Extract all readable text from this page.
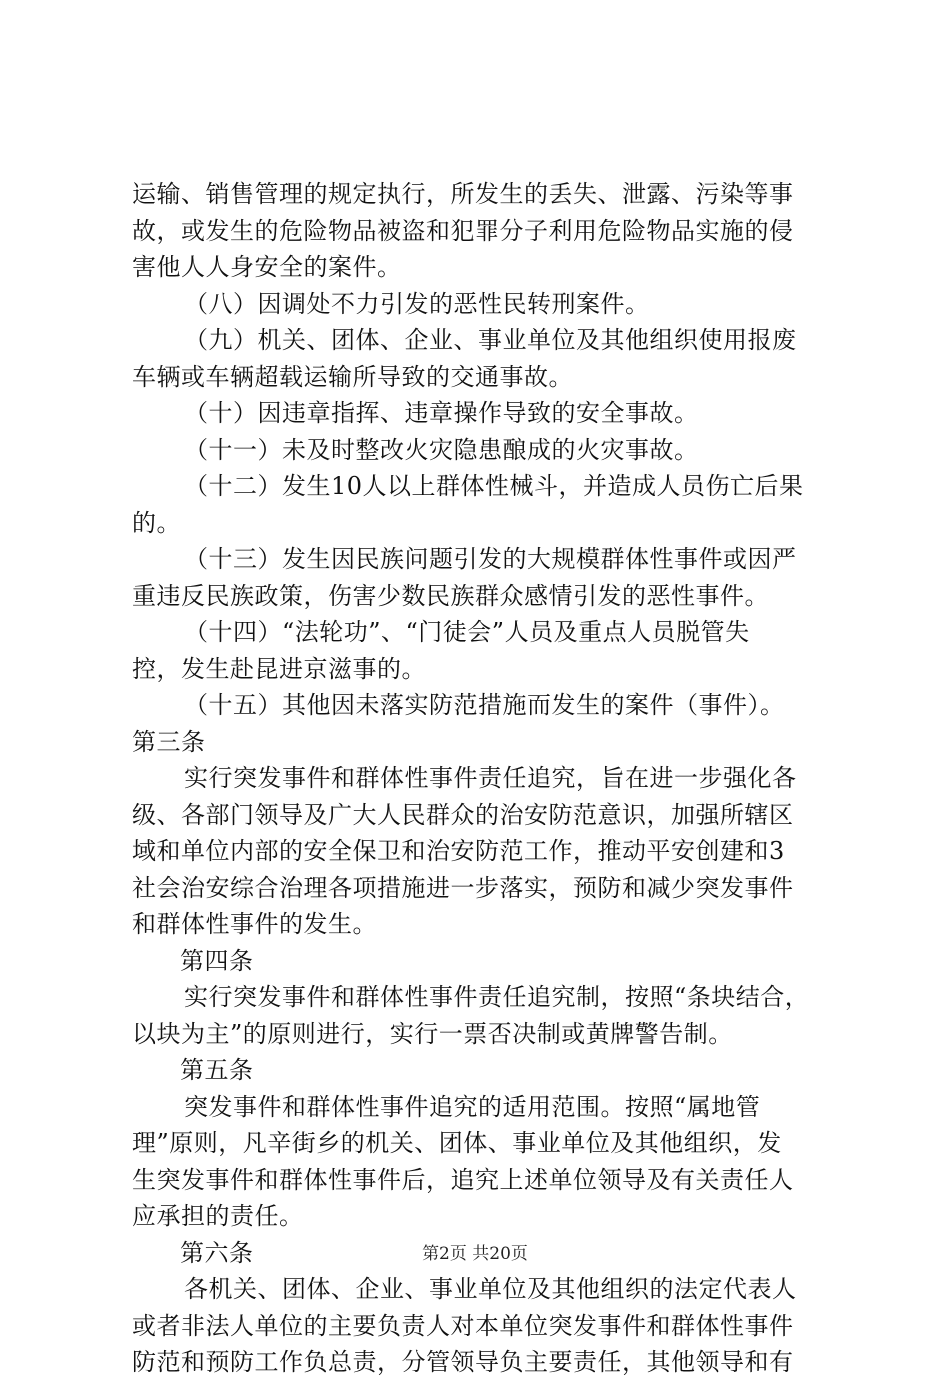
运输、销售管理的规定执行，所发生的丢失、泄露、污染等事
故，或发生的危险物品被盗和犯罪分子利用危险物品实施的侵
害他人人身安全的案件。
（八）因调处不力引发的恶性民转刑案件。
（九）机关、团体、企业、事业单位及其他组织使用报废
车辆或车辆超载运输所导致的交通事故。
（十）因违章指挥、违章操作导致的安全事故。
（十一）未及时整改火灾隐患酿成的火灾事故。
（十二）发生10人以上群体性械斗，并造成人员伤亡后果
的。
（十三）发生因民族问题引发的大规模群体性事件或因严
重违反民族政策，伤害少数民族群众感情引发的恶性事件。
（十四）“法轮功”、“门徒会”人员及重点人员脱管失
控，发生赴昆进京滋事的。
（十五）其他因未落实防范措施而发生的案件（事件）。
第三条
实行突发事件和群体性事件责任追究，旨在进一步强化各
级、各部门领导及广大人民群众的治安防范意识，加强所辖区
域和单位内部的安全保卫和治安防范工作，推动平安创建和3
社会治安综合治理各项措施进一步落实，预防和减少突发事件
和群体性事件的发生。
第四条
实行突发事件和群体性事件责任追究制，按照“条块结合，
以块为主”的原则进行，实行一票否决制或黄牌警告制。
第五条
突发事件和群体性事件追究的适用范围。按照“属地管
理”原则，凡辛街乡的机关、团体、事业单位及其他组织，发
生突发事件和群体性事件后，追究上述单位领导及有关责任人
应承担的责任。
第六条
各机关、团体、企业、事业单位及其他组织的法定代表人
或者非法人单位的主要负责人对本单位突发事件和群体性事件
防范和预防工作负总责，分管领导负主要责任，其他领导和有
第2页 共20页
